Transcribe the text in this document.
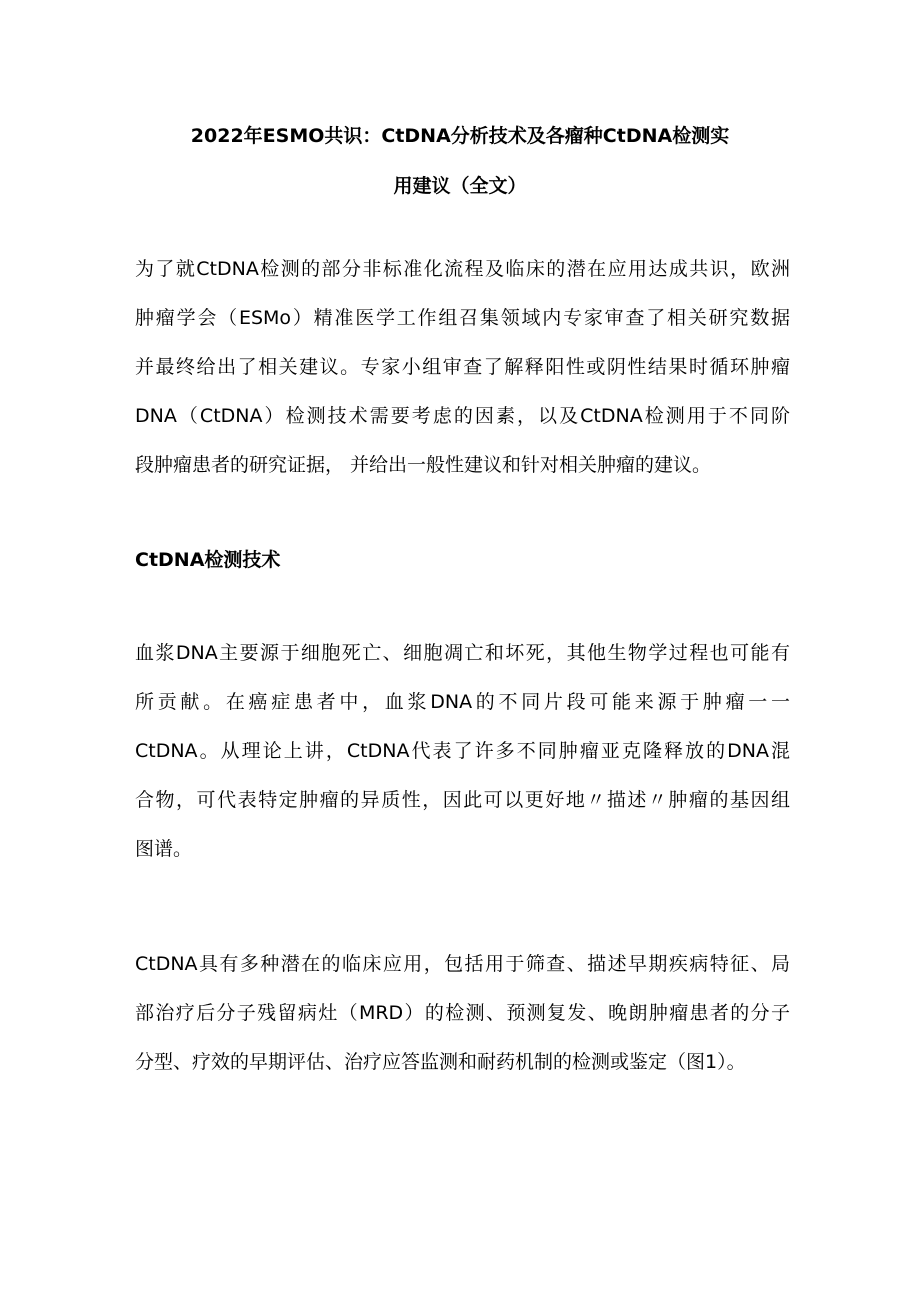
2022年ESMO共识：CtDNA分析技术及各瘤种CtDNA检测实
用建议（全文）
为了就CtDNA检测的部分非标准化流程及临床的潜在应用达成共识，欧洲
肿瘤学会（ESMo）精准医学工作组召集领域内专家审查了相关研究数据
并最终给出了相关建议。专家小组审查了解释阳性或阴性结果时循环肿瘤
DNA（CtDNA）检测技术需要考虑的因素，以及CtDNA检测用于不同阶
段肿瘤患者的研究证据， 并给出一般性建议和针对相关肿瘤的建议。
CtDNA检测技术
血浆DNA主要源于细胞死亡、细胞凋亡和坏死，其他生物学过程也可能有
所贡献。在癌症患者中，血浆DNA的不同片段可能来源于肿瘤一一
CtDNA。从理论上讲，CtDNA代表了许多不同肿瘤亚克隆释放的DNA混
合物，可代表特定肿瘤的异质性，因此可以更好地〃描述〃肿瘤的基因组
图谱。
CtDNA具有多种潜在的临床应用，包括用于筛查、描述早期疾病特征、局
部治疗后分子残留病灶（MRD）的检测、预测复发、晚朗肿瘤患者的分子
分型、疗效的早期评估、治疗应答监测和耐药机制的检测或鉴定（图1）。
